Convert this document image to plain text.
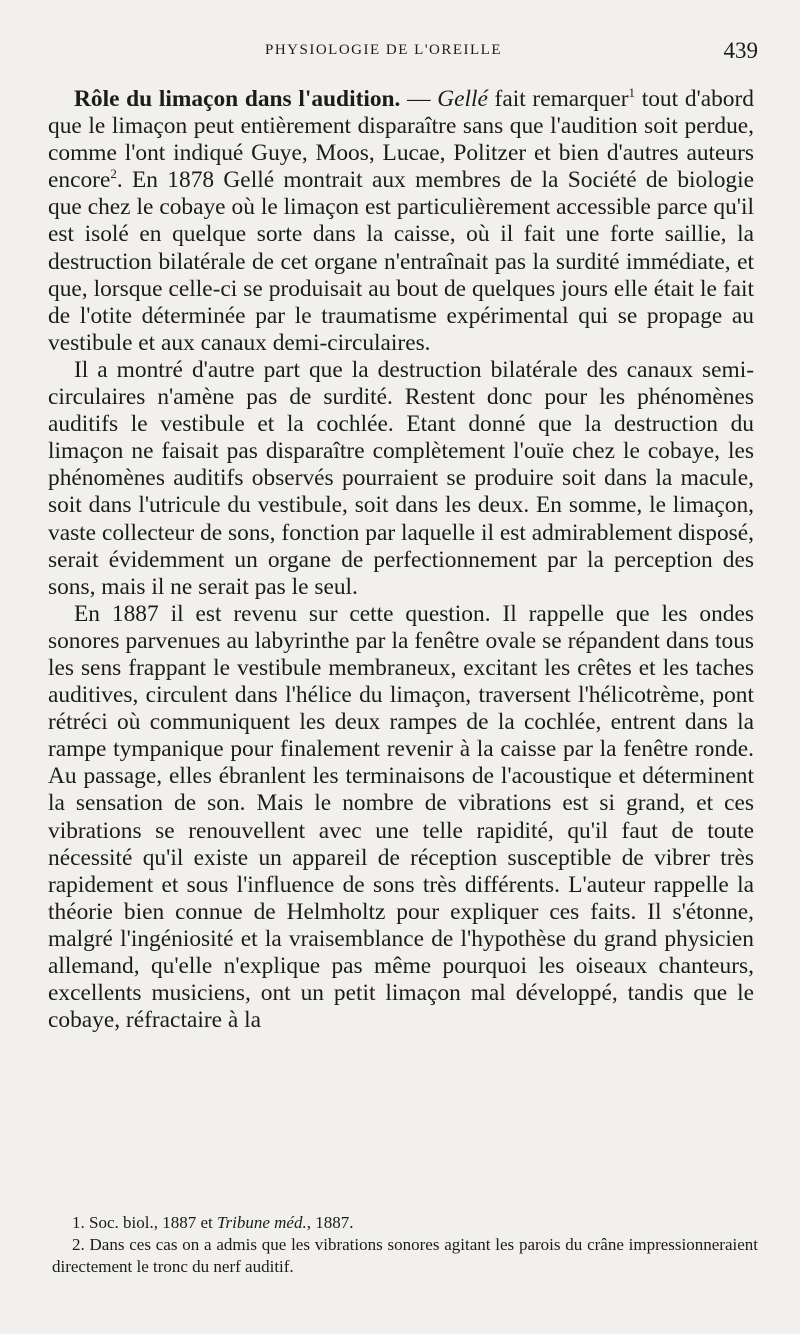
PHYSIOLOGIE DE L'OREILLE	439

Rôle du limaçon dans l'audition. — Gellé fait remarquer$^1$ tout d'abord que le limaçon peut entièrement disparaître sans que l'audition soit perdue, comme l'ont indiqué Guye, Moos, Lucae, Politzer et bien d'autres auteurs encore$^2$. En 1878 Gellé montrait aux membres de la Société de biologie que chez le cobaye où le limaçon est particulièrement accessible parce qu'il est isolé en quelque sorte dans la caisse, où il fait une forte saillie, la destruction bilatérale de cet organe n'entraînait pas la surdité immédiate, et que, lorsque celle-ci se produisait au bout de quelques jours elle était le fait de l'otite déterminée par le traumatisme expérimental qui se propage au vestibule et aux canaux demi-circulaires.

Il a montré d'autre part que la destruction bilatérale des canaux semi-circulaires n'amène pas de surdité. Restent donc pour les phénomènes auditifs le vestibule et la cochlée. Etant donné que la destruction du limaçon ne faisait pas disparaître complètement l'ouïe chez le cobaye, les phénomènes auditifs observés pourraient se produire soit dans la macule, soit dans l'utricule du vestibule, soit dans les deux. En somme, le limaçon, vaste collecteur de sons, fonction par laquelle il est admirablement disposé, serait évidemment un organe de perfectionnement par la perception des sons, mais il ne serait pas le seul.

En 1887 il est revenu sur cette question. Il rappelle que les ondes sonores parvenues au labyrinthe par la fenêtre ovale se répandent dans tous les sens frappant le vestibule membraneux, excitant les crêtes et les taches auditives, circulent dans l'hélice du limaçon, traversent l'hélicotrème, pont rétréci où communiquent les deux rampes de la cochlée, entrent dans la rampe tympanique pour finalement revenir à la caisse par la fenêtre ronde. Au passage, elles ébranlent les terminaisons de l'acoustique et déterminent la sensation de son. Mais le nombre de vibrations est si grand, et ces vibrations se renouvellent avec une telle rapidité, qu'il faut de toute nécessité qu'il existe un appareil de réception susceptible de vibrer très rapidement et sous l'influence de sons très différents. L'auteur rappelle la théorie bien connue de Helmholtz pour expliquer ces faits. Il s'étonne, malgré l'ingéniosité et la vraisemblance de l'hypothèse du grand physicien allemand, qu'elle n'explique pas même pourquoi les oiseaux chanteurs, excellents musiciens, ont un petit limaçon mal développé, tandis que le cobaye, réfractaire à la

1. Soc. biol., 1887 et Tribune méd., 1887.

2. Dans ces cas on a admis que les vibrations sonores agitant les parois du crâne impressionneraient directement le tronc du nerf auditif.
